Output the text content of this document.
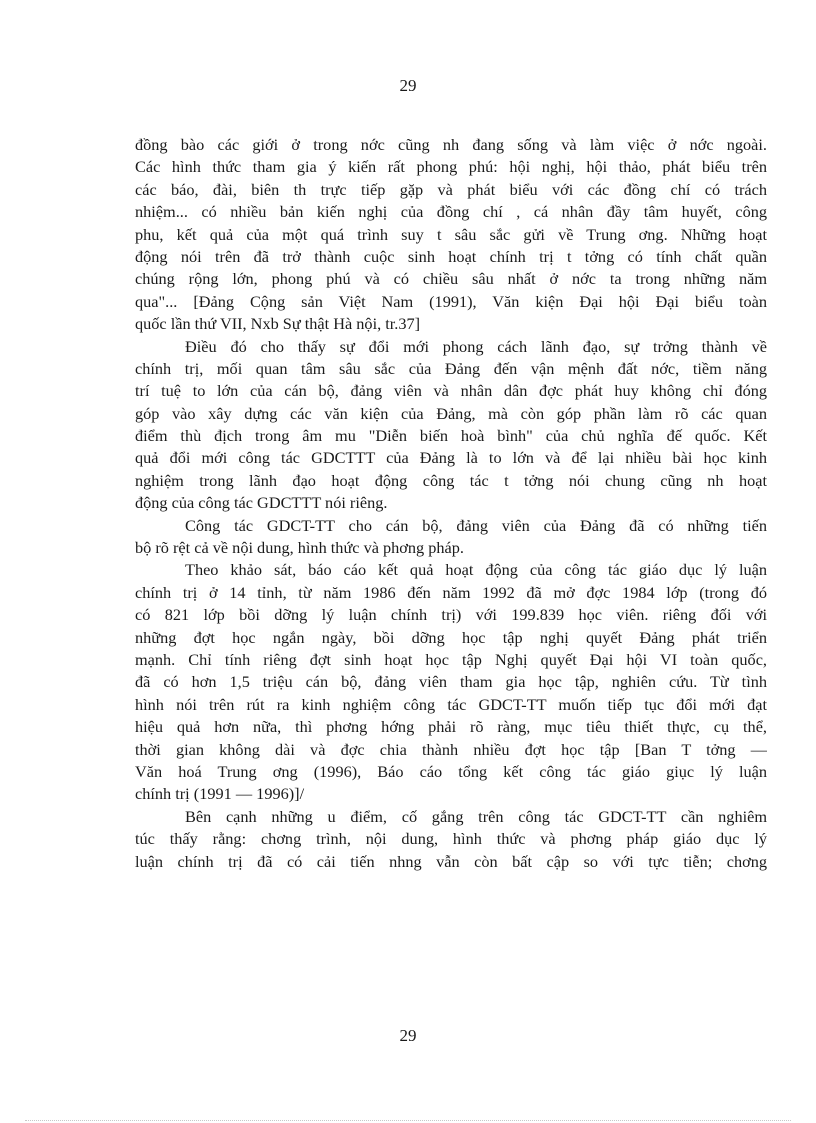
29
đồng bào các giới ở trong nớc cũng nh đang sống và làm việc ở nớc ngoài.
Các hình thức tham gia ý kiến rất phong phú: hội nghị, hội thảo, phát biểu trên
các báo, đài, biên th trực tiếp gặp và phát biểu với các đồng chí có trách
nhiệm... có nhiều bản kiến nghị của đồng chí , cá nhân đầy tâm huyết, công
phu, kết quả của một quá trình suy t sâu sắc gửi về Trung ơng. Những hoạt
động nói trên đã trở thành cuộc sinh hoạt chính trị t tởng có tính chất quần
chúng rộng lớn, phong phú và có chiều sâu nhất ở nớc ta trong những năm
qua"... [Đảng Cộng sản Việt Nam (1991), Văn kiện Đại hội Đại biểu toàn
quốc lần thứ VII, Nxb Sự thật Hà nội, tr.37]
Điều đó cho thấy sự đổi mới phong cách lãnh đạo, sự trởng thành về
chính trị, mối quan tâm sâu sắc của Đảng đến vận mệnh đất nớc, tiềm năng
trí tuệ to lớn của cán bộ, đảng viên và nhân dân đợc phát huy không chỉ đóng
góp vào xây dựng các văn kiện của Đảng, mà còn góp phần làm rõ các quan
điểm thù địch trong âm mu "Diễn biến hoà bình" của chủ nghĩa đế quốc. Kết
quả đổi mới công tác GDCTTT của Đảng là to lớn và để lại nhiều bài học kinh
nghiệm trong lãnh đạo hoạt động công tác t tởng nói chung cũng nh hoạt
động của công tác GDCTTT nói riêng.
Công tác GDCT-TT cho cán bộ, đảng viên của Đảng đã có những tiến
bộ rõ rệt cả về nội dung, hình thức và phơng pháp.
Theo khảo sát, báo cáo kết quả hoạt động của công tác giáo dục lý luận
chính trị ở 14 tỉnh, từ năm 1986 đến năm 1992 đã mở đợc 1984 lớp (trong đó
có 821 lớp bồi dỡng lý luận chính trị) với 199.839 học viên. riêng đối với
những đợt học ngắn ngày, bồi dỡng học tập nghị quyết Đảng phát triển
mạnh. Chỉ tính riêng đợt sinh hoạt học tập Nghị quyết Đại hội VI toàn quốc,
đã có hơn 1,5 triệu cán bộ, đảng viên tham gia học tập, nghiên cứu. Từ tình
hình nói trên rút ra kinh nghiệm công tác GDCT-TT muốn tiếp tục đổi mới đạt
hiệu quả hơn nữa, thì phơng hớng phải rõ ràng, mục tiêu thiết thực, cụ thể,
thời gian không dài và đợc chia thành nhiều đợt học tập [Ban T tởng —
Văn hoá Trung ơng (1996), Báo cáo tổng kết công tác giáo giục lý luận
chính trị (1991 — 1996)]/
Bên cạnh những u điểm, cố gắng trên công tác GDCT-TT cần nghiêm
túc thấy rằng: chơng trình, nội dung, hình thức và phơng pháp giáo dục lý
luận chính trị đã có cải tiến nhng vẫn còn bất cập so với tực tiễn; chơng
29
